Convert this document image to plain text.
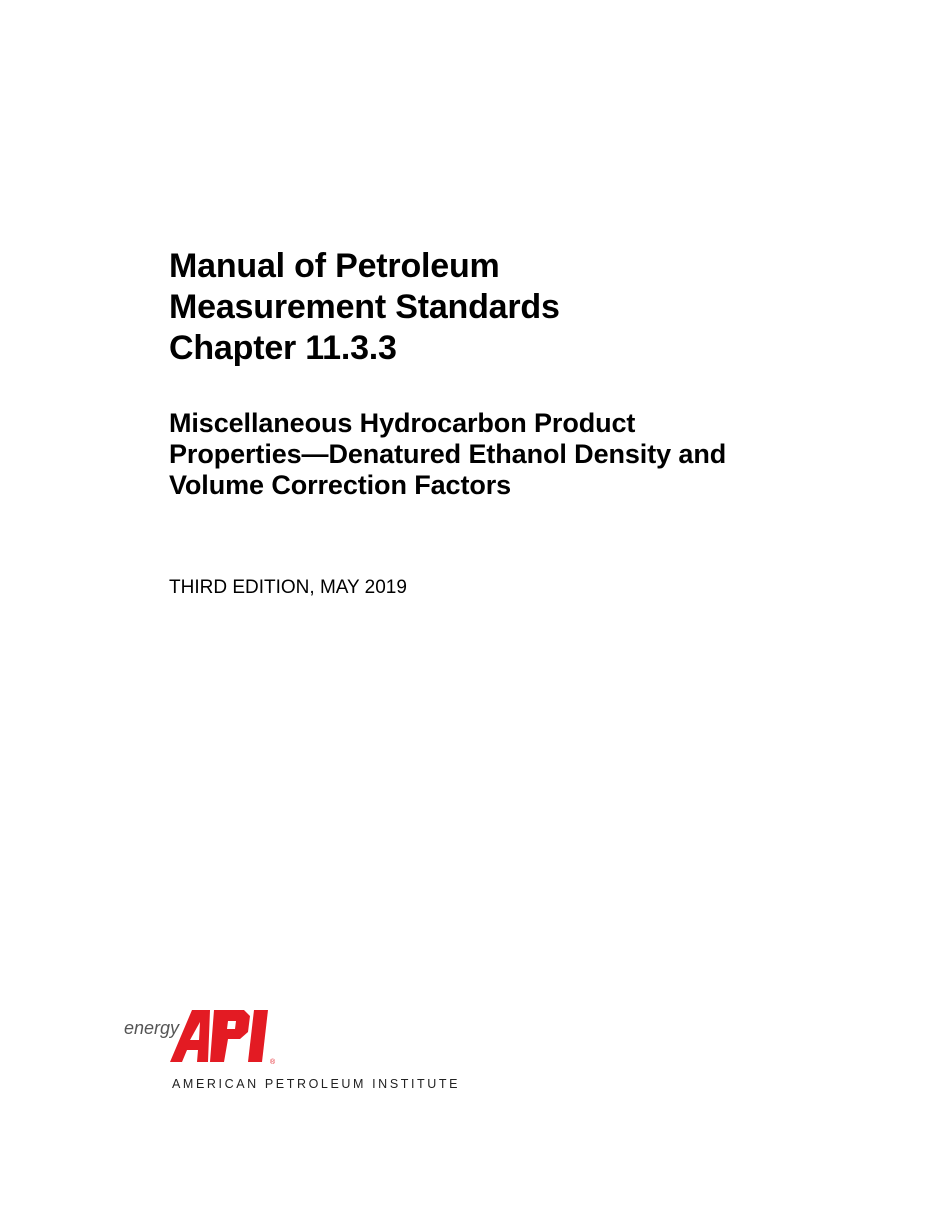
Manual of Petroleum
Measurement Standards
Chapter 11.3.3
Miscellaneous Hydrocarbon Product
Properties—Denatured Ethanol Density and
Volume Correction Factors
THIRD EDITION, MAY 2019
energy
®
AMERICAN PETROLEUM INSTITUTE
